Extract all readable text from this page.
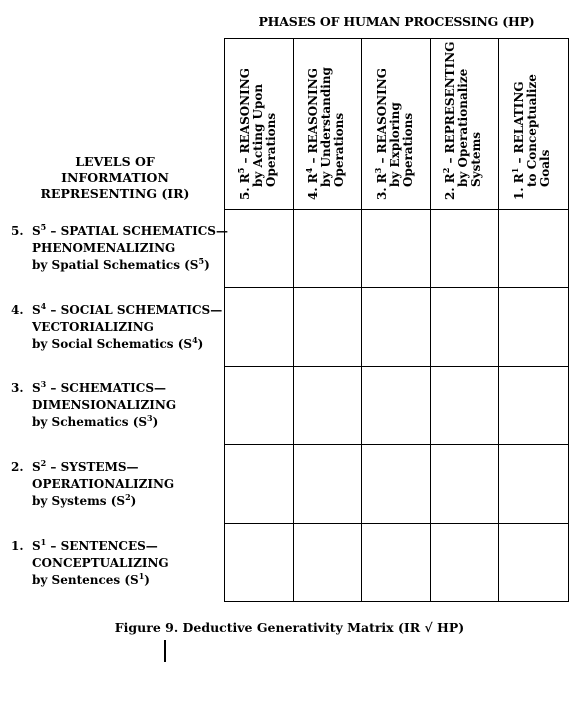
PHASES OF HUMAN PROCESSING (HP)
LEVELS OF
INFORMATION
REPRESENTING (IR)	5. $R^5$ – REASONING by Acting Upon Operations
4. $R^4$ – REASONING by Understanding Operations
3. $R^3$ – REASONING by Exploring Operations
2. $R^2$ – REPRESENTING by Operationalize Systems
1. $R^1$ – RELATING to Conceptualize Goals
5. $S^5$ – SPATIAL SCHEMATICS—
PHENOMENALIZING
by Spatial Schematics $(S^5)$
4. $S^4$ – SOCIAL SCHEMATICS—
VECTORIALIZING
by Social Schematics $(S^4)$
3. $S^3$ – SCHEMATICS—
DIMENSIONALIZING
by Schematics $(S^3)$
2. $S^2$ – SYSTEMS—
OPERATIONALIZING
by Systems $(S^2)$
1. $S^1$ – SENTENCES—
CONCEPTUALIZING
by Sentences $(S^1)$
Figure 9. Deductive Generativity Matrix (IR √ HP)
